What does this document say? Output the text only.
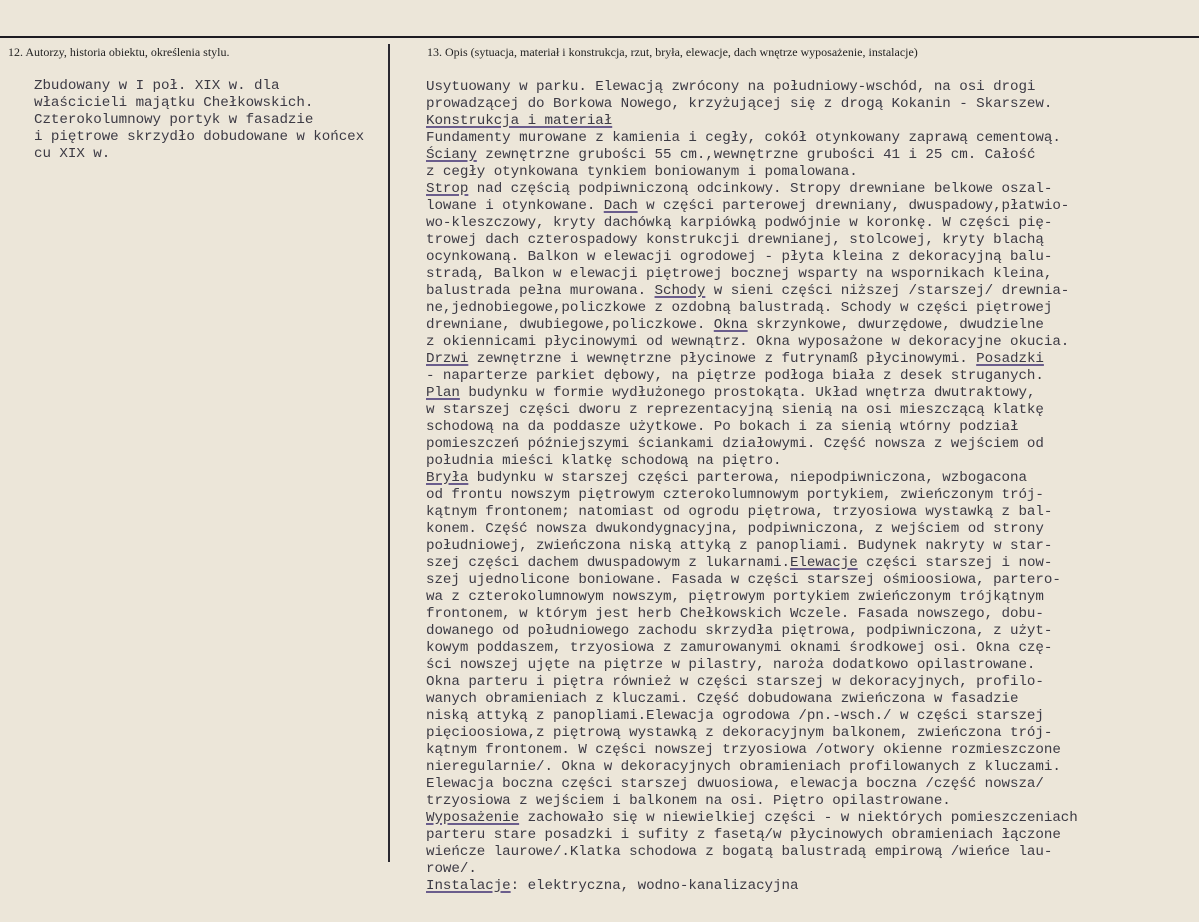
12. Autorzy, historia obiektu, określenia stylu.	13. Opis (sytuacja, materiał i konstrukcja, rzut, bryła, elewacje, dach wnętrze wyposażenie, instalacje)
Zbudowany w I poł. XIX w. dla
właścicieli majątku Chełkowskich.
Czterokolumnowy portyk w fasadzie
i piętrowe skrzydło dobudowane w końcex
cu XIX w.
Usytuowany w parku. Elewacją zwrócony na południowy-wschód, na osi drogi
prowadzącej do Borkowa Nowego, krzyżującej się z drogą Kokanin - Skarszew.
Konstrukcja i materiał
Fundamenty murowane z kamienia i cegły, cokół otynkowany zaprawą cementową.
Ściany zewnętrzne grubości 55 cm.,wewnętrzne grubości 41 i 25 cm. Całość
z cegły otynkowana tynkiem boniowanym i pomalowana.
Strop nad częścią podpiwniczoną odcinkowy. Stropy drewniane belkowe oszal-
lowane i otynkowane. Dach w części parterowej drewniany, dwuspadowy,płatwio-
wo-kleszczowy, kryty dachówką karpiówką podwójnie w koronkę. W części pię-
trowej dach czterospadowy konstrukcji drewnianej, stolcowej, kryty blachą
ocynkowaną. Balkon w elewacji ogrodowej - płyta kleina z dekoracyjną balu-
stradą, Balkon w elewacji piętrowej bocznej wsparty na wspornikach kleina,
balustrada pełna murowana. Schody w sieni części niższej /starszej/ drewnia-
ne,jednobiegowe,policzkowe z ozdobną balustradą. Schody w części piętrowej
drewniane, dwubiegowe,policzkowe. Okna skrzynkowe, dwurzędowe, dwudzielne
z okiennicami płycinowymi od wewnątrz. Okna wyposażone w dekoracyjne okucia.
Drzwi zewnętrzne i wewnętrzne płycinowe z futrynamß płycinowymi. Posadzki
- naparterze parkiet dębowy, na piętrze podłoga biała z desek struganych.
Plan budynku w formie wydłużonego prostokąta. Układ wnętrza dwutraktowy,
w starszej części dworu z reprezentacyjną sienią na osi mieszczącą klatkę
schodową na da poddasze użytkowe. Po bokach i za sienią wtórny podział
pomieszczeń późniejszymi ściankami działowymi. Część nowsza z wejściem od
południa mieści klatkę schodową na piętro.
Bryła budynku w starszej części parterowa, niepodpiwniczona, wzbogacona
od frontu nowszym piętrowym czterokolumnowym portykiem, zwieńczonym trój-
kątnym frontonem; natomiast od ogrodu piętrowa, trzyosiowa wystawką z bal-
konem. Część nowsza dwukondygnacyjna, podpiwniczona, z wejściem od strony
południowej, zwieńczona niską attyką z panopliami. Budynek nakryty w star-
szej części dachem dwuspadowym z lukarnami.Elewacje części starszej i now-
szej ujednolicone boniowane. Fasada w części starszej ośmioosiowa, partero-
wa z czterokolumnowym nowszym, piętrowym portykiem zwieńczonym trójkątnym
frontonem, w którym jest herb Chełkowskich Wczele. Fasada nowszego, dobu-
dowanego od południowego zachodu skrzydła piętrowa, podpiwniczona, z użyt-
kowym poddaszem, trzyosiowa z zamurowanymi oknami środkowej osi. Okna czę-
ści nowszej ujęte na piętrze w pilastry, naroża dodatkowo opilastrowane.
Okna parteru i piętra również w części starszej w dekoracyjnych, profilo-
wanych obramieniach z kluczami. Część dobudowana zwieńczona w fasadzie
niską attyką z panopliami.Elewacja ogrodowa /pn.-wsch./ w części starszej
pięcioosiowa,z piętrową wystawką z dekoracyjnym balkonem, zwieńczona trój-
kątnym frontonem. W części nowszej trzyosiowa /otwory okienne rozmieszczone
nieregularnie/. Okna w dekoracyjnych obramieniach profilowanych z kluczami.
Elewacja boczna części starszej dwuosiowa, elewacja boczna /część nowsza/
trzyosiowa z wejściem i balkonem na osi. Piętro opilastrowane.
Wyposażenie zachowało się w niewielkiej części - w niektórych pomieszczeniach
parteru stare posadzki i sufity z fasetą/w płycinowych obramieniach łączone
wieńcze laurowe/.Klatka schodowa z bogatą balustradą empirową /wieńce lau-
rowe/.
Instalacje: elektryczna, wodno-kanalizacyjna
